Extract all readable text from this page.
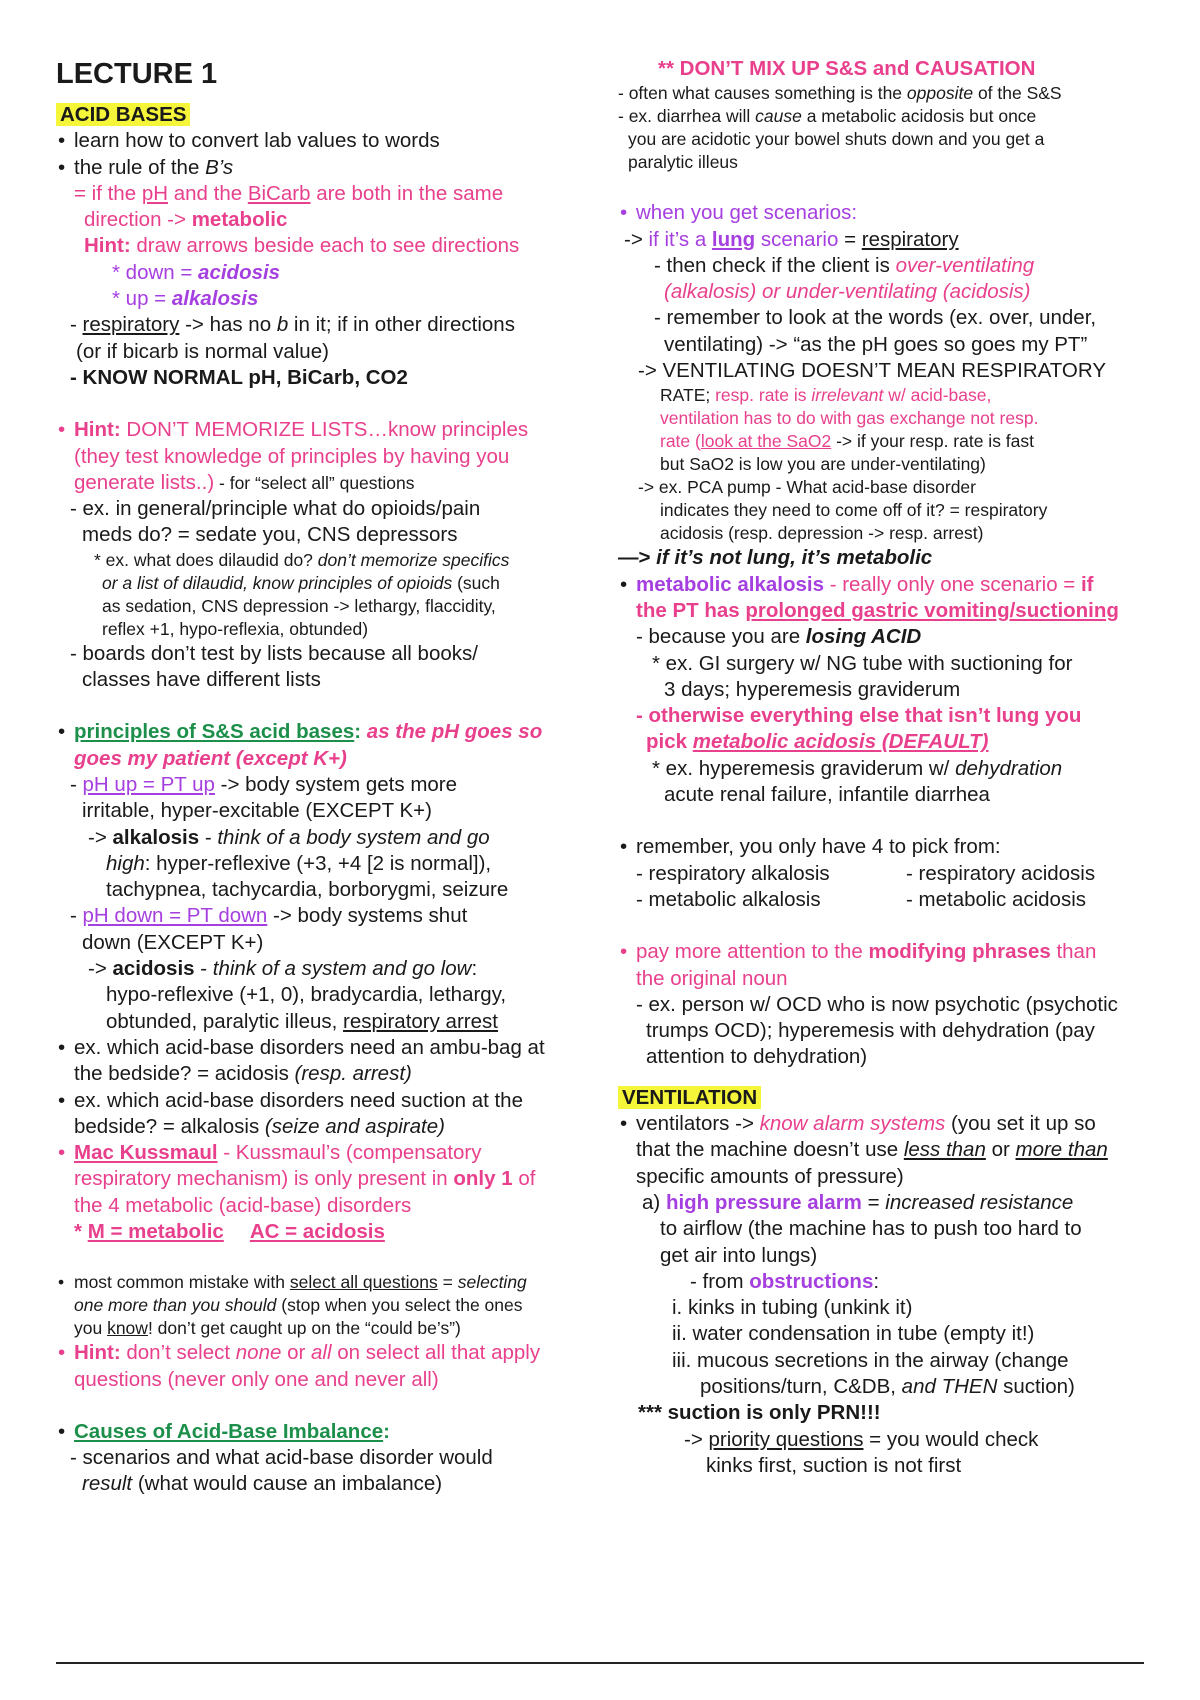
LECTURE 1
ACID BASES
• learn how to convert lab values to words
• the rule of the B’s
= if the pH and the BiCarb are both in the same
direction -> metabolic
Hint: draw arrows beside each to see directions
* down = acidosis
* up = alkalosis
- respiratory -> has no b in it; if in other directions
(or if bicarb is normal value)
- KNOW NORMAL pH, BiCarb, CO2
• Hint: DON’T MEMORIZE LISTS…know principles
(they test knowledge of principles by having you
generate lists..) - for “select all” questions
- ex. in general/principle what do opioids/pain
meds do? = sedate you, CNS depressors
* ex. what does dilaudid do? don’t memorize specifics
or a list of dilaudid, know principles of opioids (such
as sedation, CNS depression -> lethargy, flaccidity,
reflex +1, hypo-reflexia, obtunded)
- boards don’t test by lists because all books/
classes have different lists
• principles of S&S acid bases: as the pH goes so
goes my patient (except K+)
- pH up = PT up -> body system gets more
irritable, hyper-excitable (EXCEPT K+)
-> alkalosis - think of a body system and go
high: hyper-reflexive (+3, +4 [2 is normal]),
tachypnea, tachycardia, borborygmi, seizure
- pH down = PT down -> body systems shut
down (EXCEPT K+)
-> acidosis - think of a system and go low:
hypo-reflexive (+1, 0), bradycardia, lethargy,
obtunded, paralytic illeus, respiratory arrest
• ex. which acid-base disorders need an ambu-bag at
the bedside? = acidosis (resp. arrest)
• ex. which acid-base disorders need suction at the
bedside? = alkalosis (seize and aspirate)
• Mac Kussmaul - Kussmaul’s (compensatory
respiratory mechanism) is only present in only 1 of
the 4 metabolic (acid-base) disorders
* M = metabolic AC = acidosis
• most common mistake with select all questions = selecting
one more than you should (stop when you select the ones
you know! don’t get caught up on the “could be’s”)
• Hint: don’t select none or all on select all that apply
questions (never only one and never all)
• Causes of Acid-Base Imbalance:
- scenarios and what acid-base disorder would
result (what would cause an imbalance)
** DON’T MIX UP S&S and CAUSATION
- often what causes something is the opposite of the S&S
- ex. diarrhea will cause a metabolic acidosis but once
you are acidotic your bowel shuts down and you get a
paralytic illeus
• when you get scenarios:
-> if it’s a lung scenario = respiratory
- then check if the client is over-ventilating
(alkalosis) or under-ventilating (acidosis)
- remember to look at the words (ex. over, under,
ventilating) -> “as the pH goes so goes my PT”
-> VENTILATING DOESN’T MEAN RESPIRATORY
RATE; resp. rate is irrelevant w/ acid-base,
ventilation has to do with gas exchange not resp.
rate (look at the SaO2 -> if your resp. rate is fast
but SaO2 is low you are under-ventilating)
-> ex. PCA pump - What acid-base disorder
indicates they need to come off of it? = respiratory
acidosis (resp. depression -> resp. arrest)
—> if it’s not lung, it’s metabolic
• metabolic alkalosis - really only one scenario = if
the PT has prolonged gastric vomiting/suctioning
- because you are losing ACID
* ex. GI surgery w/ NG tube with suctioning for
3 days; hyperemesis graviderum
- otherwise everything else that isn’t lung you
pick metabolic acidosis (DEFAULT)
* ex. hyperemesis graviderum w/ dehydration
acute renal failure, infantile diarrhea
• remember, you only have 4 to pick from:
- respiratory alkalosis	- respiratory acidosis
- metabolic alkalosis	- metabolic acidosis
• pay more attention to the modifying phrases than
the original noun
- ex. person w/ OCD who is now psychotic (psychotic
trumps OCD); hyperemesis with dehydration (pay
attention to dehydration)
VENTILATION
• ventilators -> know alarm systems (you set it up so
that the machine doesn’t use less than or more than
specific amounts of pressure)
a) high pressure alarm = increased resistance
to airflow (the machine has to push too hard to
get air into lungs)
- from obstructions:
i. kinks in tubing (unkink it)
ii. water condensation in tube (empty it!)
iii. mucous secretions in the airway (change
positions/turn, C&DB, and THEN suction)
*** suction is only PRN!!!
-> priority questions = you would check
kinks first, suction is not first
